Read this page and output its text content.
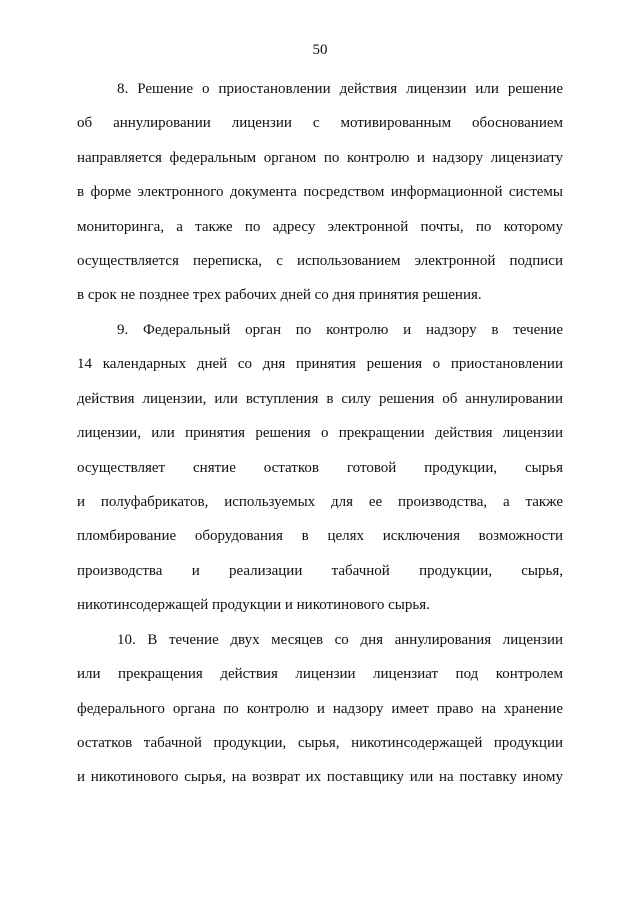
50
8. Решение о приостановлении действия лицензии или решение
об аннулировании лицензии с мотивированным обоснованием
направляется федеральным органом по контролю и надзору лицензиату
в форме электронного документа посредством информационной системы
мониторинга, а также по адресу электронной почты, по которому
осуществляется переписка, с использованием электронной подписи
в срок не позднее трех рабочих дней со дня принятия решения.
9. Федеральный орган по контролю и надзору в течение
14 календарных дней со дня принятия решения о приостановлении
действия лицензии, или вступления в силу решения об аннулировании
лицензии, или принятия решения о прекращении действия лицензии
осуществляет снятие остатков готовой продукции, сырья
и полуфабрикатов, используемых для ее производства, а также
пломбирование оборудования в целях исключения возможности
производства и реализации табачной продукции, сырья,
никотинсодержащей продукции и никотинового сырья.
10. В течение двух месяцев со дня аннулирования лицензии
или прекращения действия лицензии лицензиат под контролем
федерального органа по контролю и надзору имеет право на хранение
остатков табачной продукции, сырья, никотинсодержащей продукции
и никотинового сырья, на возврат их поставщику или на поставку иному
